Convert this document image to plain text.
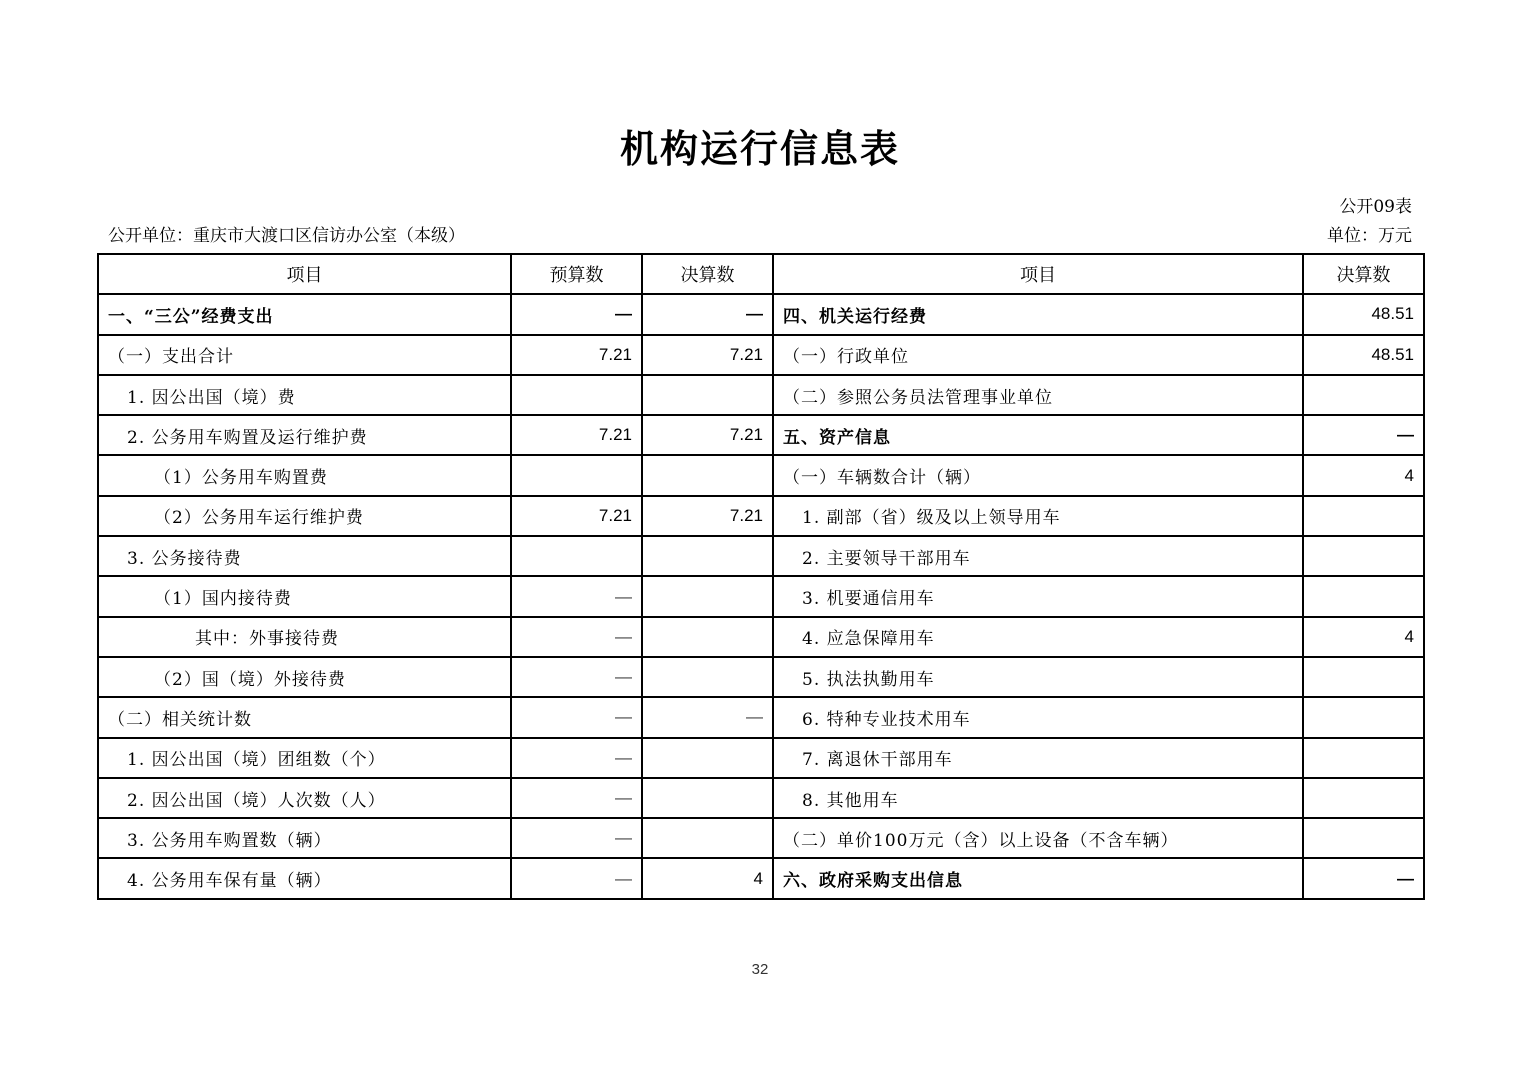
机构运行信息表
公开09表
公开单位：重庆市大渡口区信访办公室（本级）	单位：万元
项目	预算数	决算数	项目	决算数
一、“三公”经费支出	—	—	四、机关运行经费	48.51
（一）支出合计	7.21	7.21	（一）行政单位	48.51
1. 因公出国（境）费			（二）参照公务员法管理事业单位	
2. 公务用车购置及运行维护费	7.21	7.21	五、资产信息	—
（1）公务用车购置费			（一）车辆数合计（辆）	4
（2）公务用车运行维护费	7.21	7.21	1. 副部（省）级及以上领导用车	
3. 公务接待费			2. 主要领导干部用车	
（1）国内接待费	—		3. 机要通信用车	
其中：外事接待费	—		4. 应急保障用车	4
（2）国（境）外接待费	—		5. 执法执勤用车	
（二）相关统计数	—	—	6. 特种专业技术用车	
1. 因公出国（境）团组数（个）	—		7. 离退休干部用车	
2. 因公出国（境）人次数（人）	—		8. 其他用车	
3. 公务用车购置数（辆）	—		（二）单价100万元（含）以上设备（不含车辆）	
4. 公务用车保有量（辆）	—	4	六、政府采购支出信息	—
32
